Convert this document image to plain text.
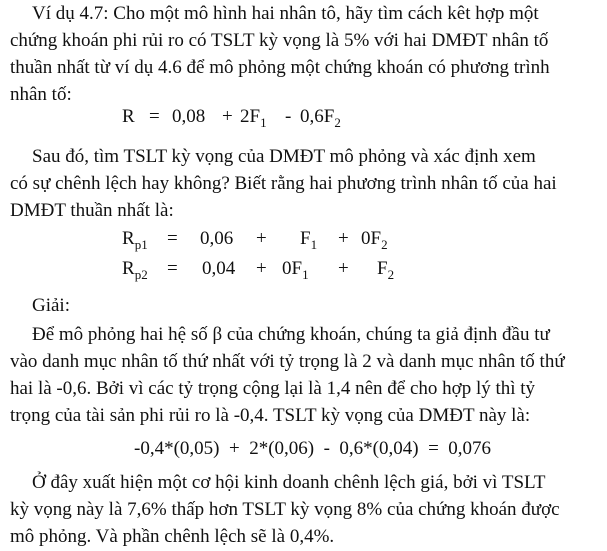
Ví dụ 4.7: Cho một mô hình hai nhân tô, hãy tìm cách kêt hợp một
chứng khoán phi rủi ro có TSLT kỳ vọng là 5% với hai DMĐT nhân tố
thuần nhất từ ví dụ 4.6 để mô phỏng một chứng khoán có phương trình
nhân tố:

$R = 0,08 + 2F_1 - 0,6F_2$

Sau đó, tìm TSLT kỳ vọng của DMĐT mô phỏng và xác định xem
có sự chênh lệch hay không? Biết rằng hai phương trình nhân tố của hai
DMĐT thuần nhất là:

$R_{p1} = 0,06 + F_1 + 0F_2$
$R_{p2} = 0,04 + 0F_1 + F_2$

Giải:

Để mô phỏng hai hệ số β của chứng khoán, chúng ta giả định đầu tư
vào danh mục nhân tố thứ nhất với tỷ trọng là 2 và danh mục nhân tố thứ
hai là -0,6. Bởi vì các tỷ trọng cộng lại là 1,4 nên để cho hợp lý thì tỷ
trọng của tài sản phi rủi ro là -0,4. TSLT kỳ vọng của DMĐT này là:

-0,4*(0,05)  +  2*(0,06)  -  0,6*(0,04)  =  0,076

Ở đây xuất hiện một cơ hội kinh doanh chênh lệch giá, bởi vì TSLT
kỳ vọng này là 7,6% thấp hơn TSLT kỳ vọng 8% của chứng khoán được
mô phỏng. Và phần chênh lệch sẽ là 0,4%.
